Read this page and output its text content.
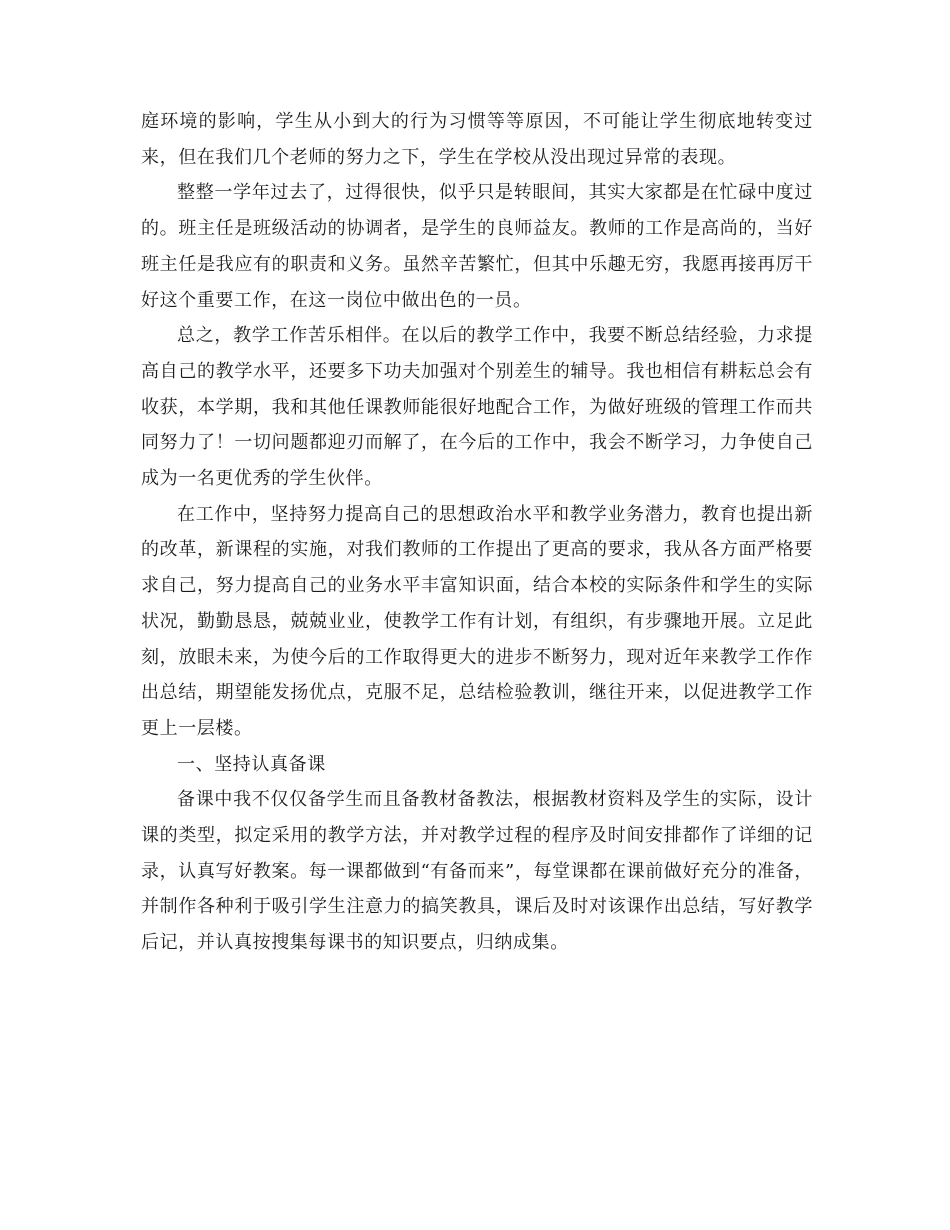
庭环境的影响，学生从小到大的行为习惯等等原因，不可能让学生彻底地转变过来，但在我们几个老师的努力之下，学生在学校从没出现过异常的表现。

整整一学年过去了，过得很快，似乎只是转眼间，其实大家都是在忙碌中度过的。班主任是班级活动的协调者，是学生的良师益友。教师的工作是高尚的，当好班主任是我应有的职责和义务。虽然辛苦繁忙，但其中乐趣无穷，我愿再接再厉干好这个重要工作，在这一岗位中做出色的一员。

总之，教学工作苦乐相伴。在以后的教学工作中，我要不断总结经验，力求提高自己的教学水平，还要多下功夫加强对个别差生的辅导。我也相信有耕耘总会有收获，本学期，我和其他任课教师能很好地配合工作，为做好班级的管理工作而共同努力了！一切问题都迎刃而解了，在今后的工作中，我会不断学习，力争使自己成为一名更优秀的学生伙伴。

在工作中，坚持努力提高自己的思想政治水平和教学业务潜力，教育也提出新的改革，新课程的实施，对我们教师的工作提出了更高的要求，我从各方面严格要求自己，努力提高自己的业务水平丰富知识面，结合本校的实际条件和学生的实际状况，勤勤恳恳，兢兢业业，使教学工作有计划，有组织，有步骤地开展。立足此刻，放眼未来，为使今后的工作取得更大的进步不断努力，现对近年来教学工作作出总结，期望能发扬优点，克服不足，总结检验教训，继往开来，以促进教学工作更上一层楼。

一、坚持认真备课

备课中我不仅仅备学生而且备教材备教法，根据教材资料及学生的实际，设计课的类型，拟定采用的教学方法，并对教学过程的程序及时间安排都作了详细的记录，认真写好教案。每一课都做到“有备而来”，每堂课都在课前做好充分的准备，并制作各种利于吸引学生注意力的搞笑教具，课后及时对该课作出总结，写好教学后记，并认真按搜集每课书的知识要点，归纳成集。
